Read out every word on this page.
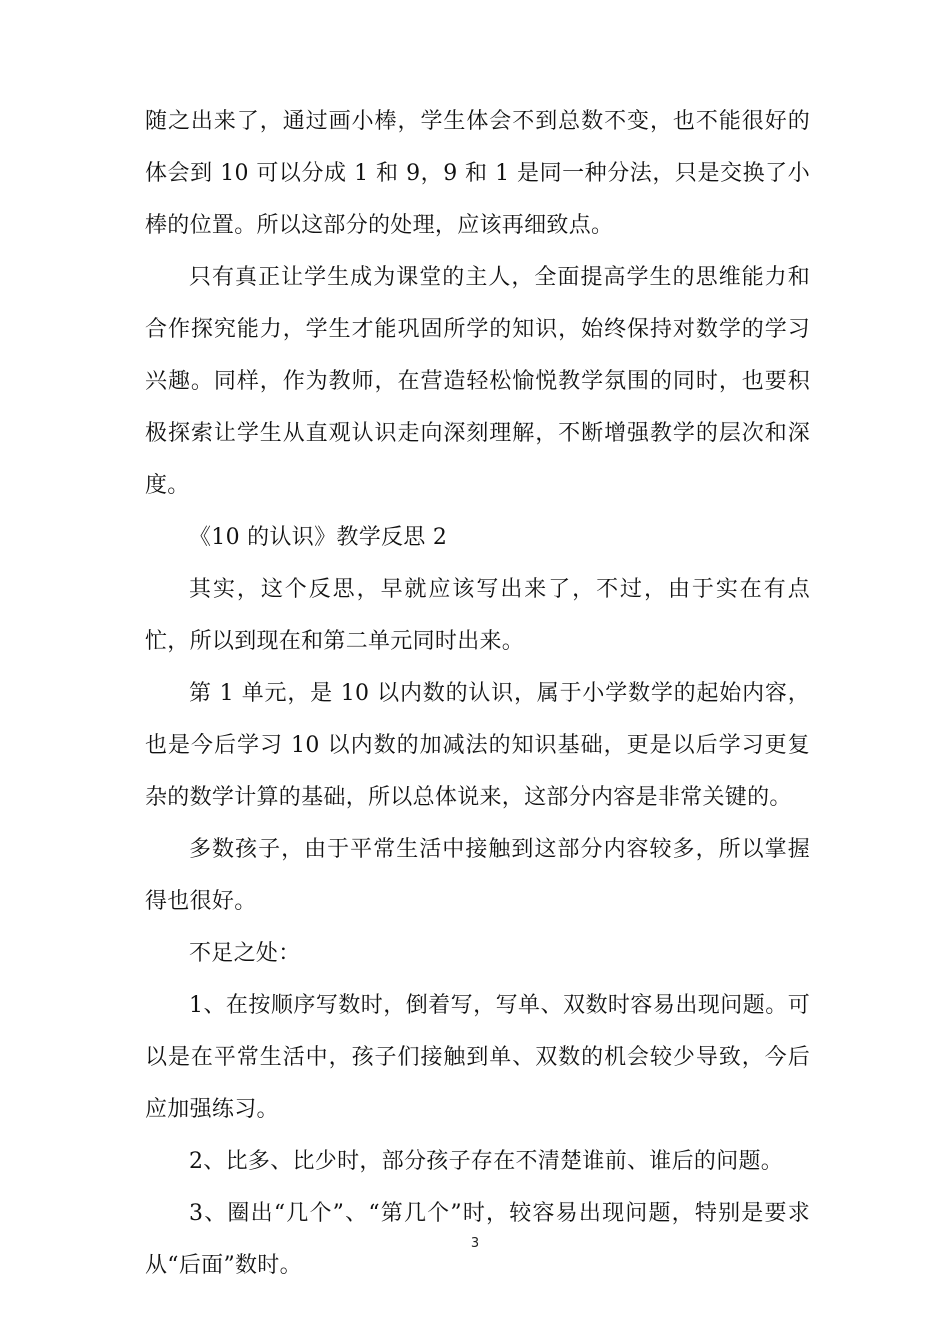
随之出来了，通过画小棒，学生体会不到总数不变，也不能很好的体会到 10 可以分成 1 和 9，9 和 1 是同一种分法，只是交换了小棒的位置。所以这部分的处理，应该再细致点。

只有真正让学生成为课堂的主人，全面提高学生的思维能力和合作探究能力，学生才能巩固所学的知识，始终保持对数学的学习兴趣。同样，作为教师，在营造轻松愉悦教学氛围的同时，也要积极探索让学生从直观认识走向深刻理解，不断增强教学的层次和深度。

《10 的认识》教学反思 2

其实，这个反思，早就应该写出来了，不过，由于实在有点忙，所以到现在和第二单元同时出来。

第 1 单元，是 10 以内数的认识，属于小学数学的起始内容，也是今后学习 10 以内数的加减法的知识基础，更是以后学习更复杂的数学计算的基础，所以总体说来，这部分内容是非常关键的。

多数孩子，由于平常生活中接触到这部分内容较多，所以掌握得也很好。

不足之处：

1、在按顺序写数时，倒着写，写单、双数时容易出现问题。可以是在平常生活中，孩子们接触到单、双数的机会较少导致，今后应加强练习。

2、比多、比少时，部分孩子存在不清楚谁前、谁后的问题。

3、圈出“几个”、“第几个”时，较容易出现问题，特别是要求从“后面”数时。

3
